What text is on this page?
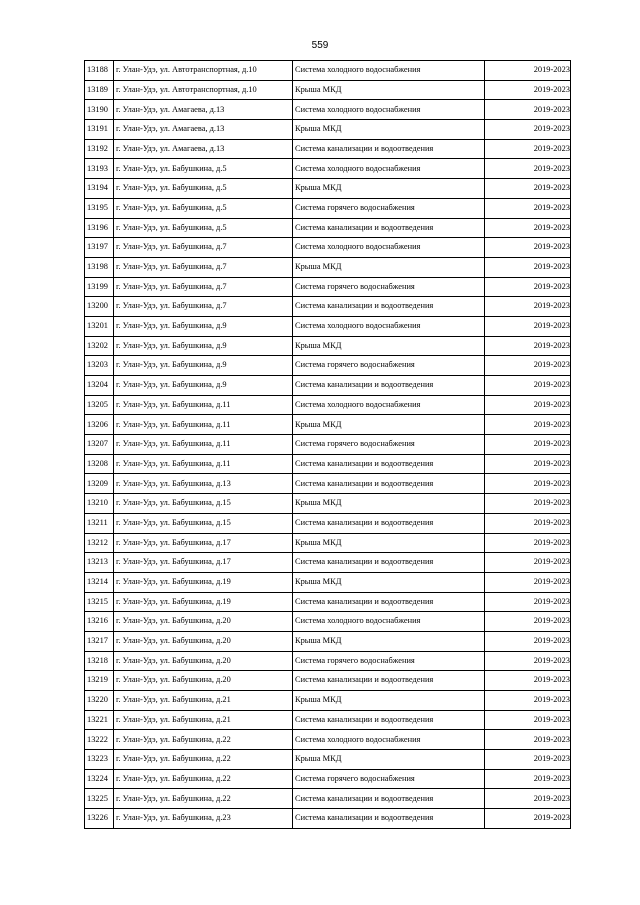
559
13188	г. Улан-Удэ, ул. Автотранспортная, д.10	Система холодного водоснабжения	2019-2023
13189	г. Улан-Удэ, ул. Автотранспортная, д.10	Крыша МКД	2019-2023
13190	г. Улан-Удэ, ул. Амагаева, д.13	Система холодного водоснабжения	2019-2023
13191	г. Улан-Удэ, ул. Амагаева, д.13	Крыша МКД	2019-2023
13192	г. Улан-Удэ, ул. Амагаева, д.13	Система канализации и водоотведения	2019-2023
13193	г. Улан-Удэ, ул. Бабушкина, д.5	Система холодного водоснабжения	2019-2023
13194	г. Улан-Удэ, ул. Бабушкина, д.5	Крыша МКД	2019-2023
13195	г. Улан-Удэ, ул. Бабушкина, д.5	Система горячего водоснабжения	2019-2023
13196	г. Улан-Удэ, ул. Бабушкина, д.5	Система канализации и водоотведения	2019-2023
13197	г. Улан-Удэ, ул. Бабушкина, д.7	Система холодного водоснабжения	2019-2023
13198	г. Улан-Удэ, ул. Бабушкина, д.7	Крыша МКД	2019-2023
13199	г. Улан-Удэ, ул. Бабушкина, д.7	Система горячего водоснабжения	2019-2023
13200	г. Улан-Удэ, ул. Бабушкина, д.7	Система канализации и водоотведения	2019-2023
13201	г. Улан-Удэ, ул. Бабушкина, д.9	Система холодного водоснабжения	2019-2023
13202	г. Улан-Удэ, ул. Бабушкина, д.9	Крыша МКД	2019-2023
13203	г. Улан-Удэ, ул. Бабушкина, д.9	Система горячего водоснабжения	2019-2023
13204	г. Улан-Удэ, ул. Бабушкина, д.9	Система канализации и водоотведения	2019-2023
13205	г. Улан-Удэ, ул. Бабушкина, д.11	Система холодного водоснабжения	2019-2023
13206	г. Улан-Удэ, ул. Бабушкина, д.11	Крыша МКД	2019-2023
13207	г. Улан-Удэ, ул. Бабушкина, д.11	Система горячего водоснабжения	2019-2023
13208	г. Улан-Удэ, ул. Бабушкина, д.11	Система канализации и водоотведения	2019-2023
13209	г. Улан-Удэ, ул. Бабушкина, д.13	Система канализации и водоотведения	2019-2023
13210	г. Улан-Удэ, ул. Бабушкина, д.15	Крыша МКД	2019-2023
13211	г. Улан-Удэ, ул. Бабушкина, д.15	Система канализации и водоотведения	2019-2023
13212	г. Улан-Удэ, ул. Бабушкина, д.17	Крыша МКД	2019-2023
13213	г. Улан-Удэ, ул. Бабушкина, д.17	Система канализации и водоотведения	2019-2023
13214	г. Улан-Удэ, ул. Бабушкина, д.19	Крыша МКД	2019-2023
13215	г. Улан-Удэ, ул. Бабушкина, д.19	Система канализации и водоотведения	2019-2023
13216	г. Улан-Удэ, ул. Бабушкина, д.20	Система холодного водоснабжения	2019-2023
13217	г. Улан-Удэ, ул. Бабушкина, д.20	Крыша МКД	2019-2023
13218	г. Улан-Удэ, ул. Бабушкина, д.20	Система горячего водоснабжения	2019-2023
13219	г. Улан-Удэ, ул. Бабушкина, д.20	Система канализации и водоотведения	2019-2023
13220	г. Улан-Удэ, ул. Бабушкина, д.21	Крыша МКД	2019-2023
13221	г. Улан-Удэ, ул. Бабушкина, д.21	Система канализации и водоотведения	2019-2023
13222	г. Улан-Удэ, ул. Бабушкина, д.22	Система холодного водоснабжения	2019-2023
13223	г. Улан-Удэ, ул. Бабушкина, д.22	Крыша МКД	2019-2023
13224	г. Улан-Удэ, ул. Бабушкина, д.22	Система горячего водоснабжения	2019-2023
13225	г. Улан-Удэ, ул. Бабушкина, д.22	Система канализации и водоотведения	2019-2023
13226	г. Улан-Удэ, ул. Бабушкина, д.23	Система канализации и водоотведения	2019-2023
